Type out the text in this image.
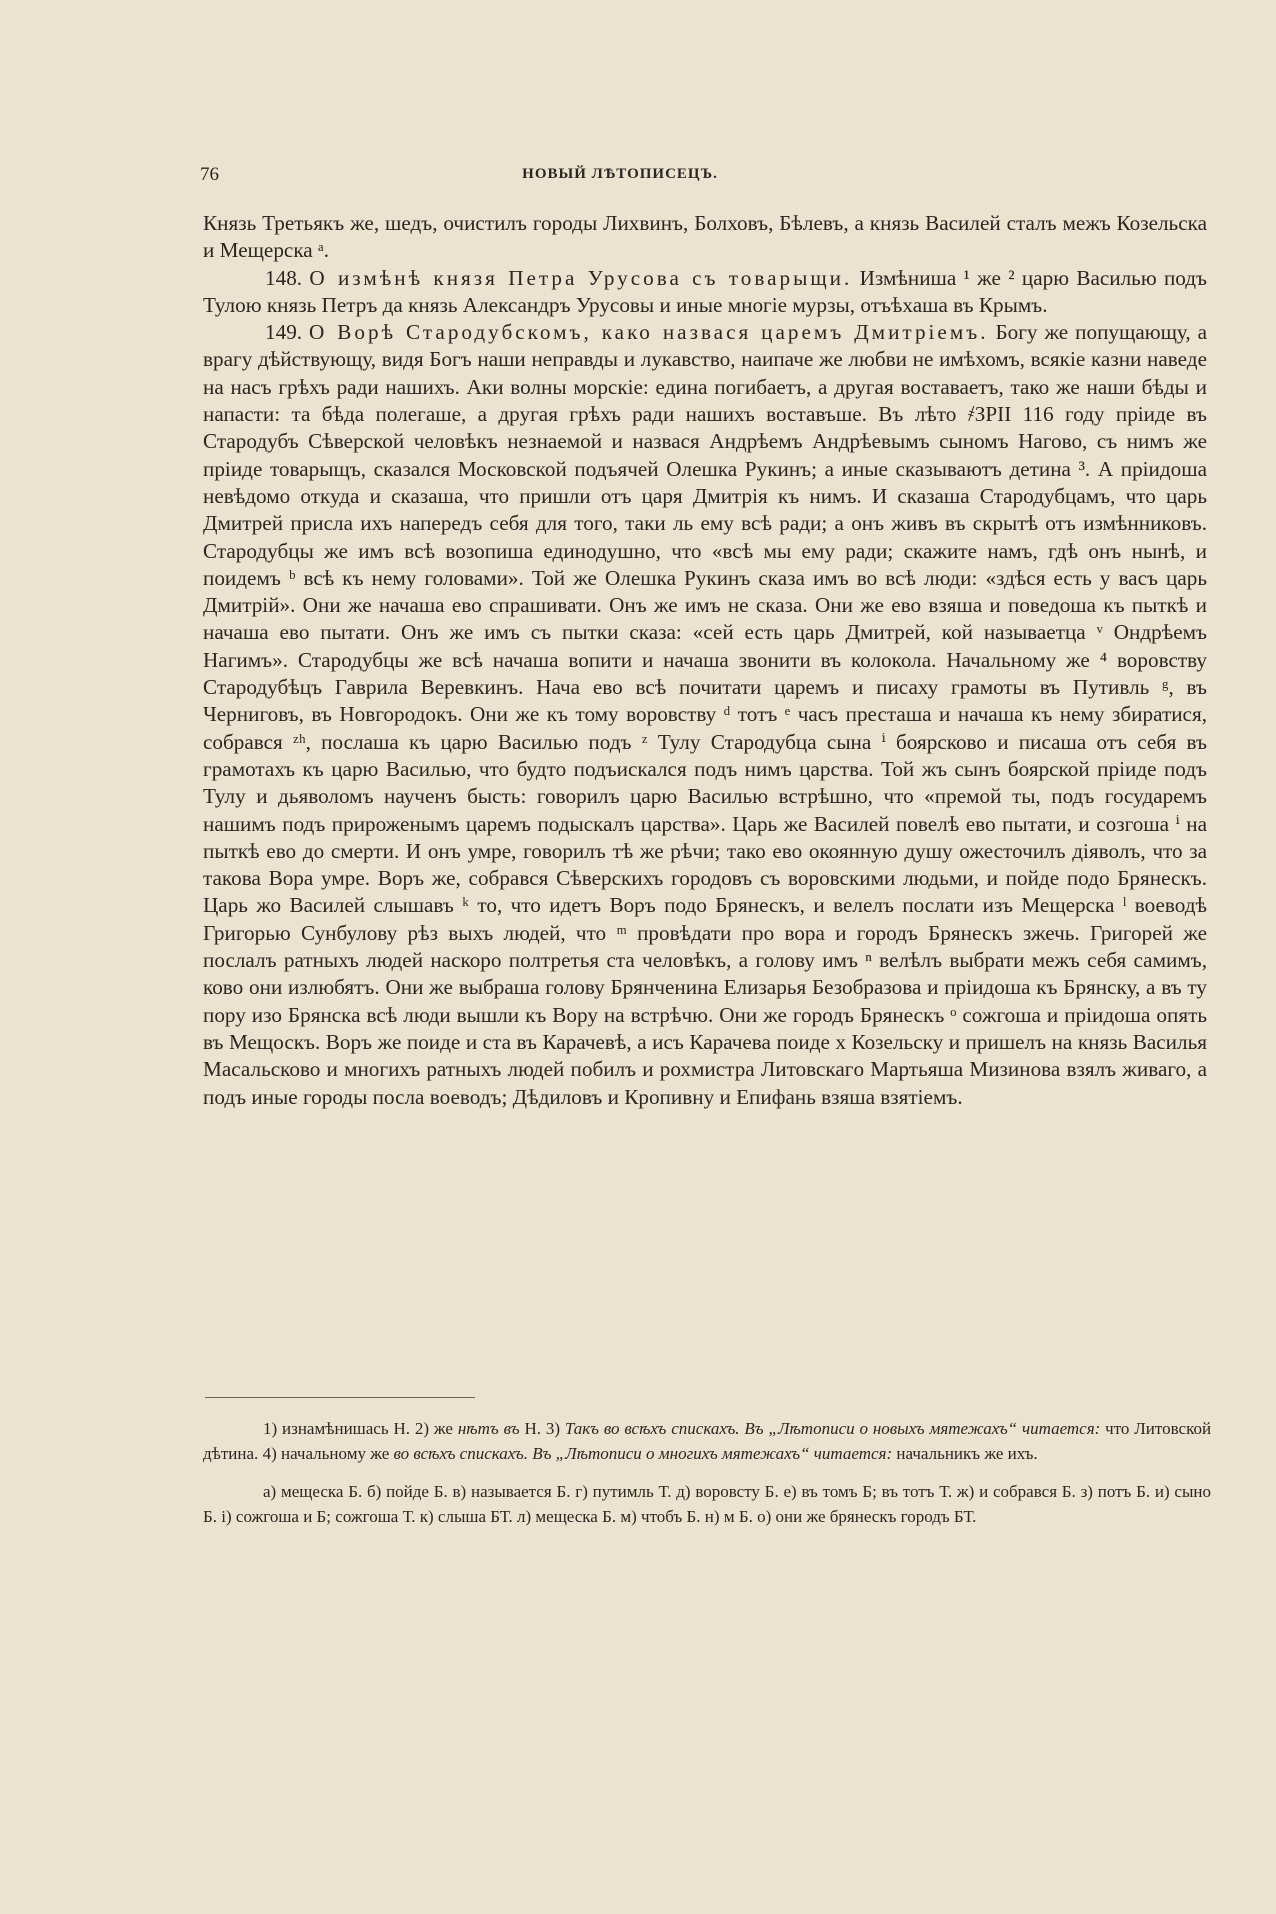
76	НОВЫЙ ЛѢТОПИСЕЦЪ.

Князь Третьякъ же, шедъ, очистилъ городы Лихвинъ, Болховъ, Бѣлевъ, а князь Василей сталъ межъ Козельска и Мещерска ᵃ.

148. О измѣнѣ князя Петра Урусова съ товарыщи. Измѣниша ¹ же ² царю Василью подъ Тулою князь Петръ да князь Александръ Урусовы и иные многіе мурзы, отъѣхаша въ Крымъ.

149. О Ворѣ Стародубскомъ, како назвася царемъ Дмитріемъ. Богу же попущающу, а врагу дѣйствующу, видя Богъ наши неправды и лукавство, наипаче же любви не имѣхомъ, всякіе казни наведе на насъ грѣхъ ради нашихъ. Аки волны морскіе: едина погибаетъ, а другая воставаетъ, тако же наши бѣды и напасти: та бѣда полегаше, а другая грѣхъ ради нашихъ воставъше. Въ лѣто ҂ЗРІІ 116 году пріиде въ Стародубъ Сѣверской человѣкъ незнаемой и назвася Андрѣемъ Андрѣевымъ сыномъ Нагово, съ нимъ же пріиде товарыщъ, сказался Московской подъячей Олешка Рукинъ; а иные сказываютъ детина ³. А пріидоша невѣдомо откуда и сказаша, что пришли отъ царя Дмитрія къ нимъ. И сказаша Стародубцамъ, что царь Дмитрей присла ихъ напередъ себя для того, таки ль ему всѣ ради; а онъ живъ въ скрытѣ отъ измѣнниковъ. Стародубцы же имъ всѣ возопиша единодушно, что «всѣ мы ему ради; скажите намъ, гдѣ онъ нынѣ, и поидемъ ᵇ всѣ къ нему головами». Той же Олешка Рукинъ сказа имъ во всѣ люди: «здѣся есть у васъ царь Дмитрій». Они же начаша ево спрашивати. Онъ же имъ не сказа. Они же ево взяша и поведоша къ пыткѣ и начаша ево пытати. Онъ же имъ съ пытки сказа: «сей есть царь Дмитрей, кой называетца ᵛ Ондрѣемъ Нагимъ». Стародубцы же всѣ начаша вопити и начаша звонити въ колокола. Начальному же ⁴ воровству Стародубѣцъ Гаврила Веревкинъ. Нача ево всѣ почитати царемъ и писаху грамоты въ Путивль ᵍ, въ Черниговъ, въ Новгородокъ. Они же къ тому воровству ᵈ тотъ ᵉ часъ престаша и начаша къ нему збиратися, собрався ᶻʰ, послаша къ царю Василью подъ ᶻ Тулу Стародубца сына ⁱ боярсково и писаша отъ себя въ грамотахъ къ царю Василью, что будто подъискался подъ нимъ царства. Той жъ сынъ боярской пріиде подъ Тулу и дьяволомъ наученъ бысть: говорилъ царю Василью встрѣшно, что «премой ты, подъ государемъ нашимъ подъ прироженымъ царемъ подыскалъ царства». Царь же Василей повелѣ ево пытати, и созгоша ⁱ на пыткѣ ево до смерти. И онъ умре, говорилъ тѣ же рѣчи; тако ево окоянную душу ожесточилъ діяволъ, что за такова Вора умре. Воръ же, собрався Сѣверскихъ городовъ съ воровскими людьми, и пойде подо Брянескъ. Царь жо Василей слышавъ ᵏ то, что идетъ Воръ подо Брянескъ, и велелъ послати изъ Мещерска ˡ воеводѣ Григорью Сунбулову рѣз выхъ людей, что ᵐ провѣдати про вора и городъ Брянескъ зжечь. Григорей же послалъ ратныхъ людей наскоро полтретья ста человѣкъ, а голову имъ ⁿ велѣлъ выбрати межъ себя самимъ, ково они излюбятъ. Они же выбраша голову Брянченина Елизарья Безобразова и пріидоша къ Брянску, а въ ту пору изо Брянска всѣ люди вышли къ Вору на встрѣчю. Они же городъ Брянескъ ᵒ сожгоша и пріидоша опять въ Мещоскъ. Воръ же поиде и ста въ Карачевѣ, а исъ Карачева поиде х Козельску и пришелъ на князь Василья Масальсково и многихъ ратныхъ людей побилъ и рохмистра Литовскагo Мартьяша Мизинова взялъ живаго, а подъ иные городы посла воеводъ; Дѣдиловъ и Кропивну и Епифань взяша взятіемъ.

1) изнамѣнишась Н. 2) же нѣтъ въ Н. 3) Такъ во всѣхъ спискахъ. Въ „Лѣтописи о новыхъ мятежахъ“ читается: что Литовской дѣтина. 4) начальному же во всѣхъ спискахъ. Въ „Лѣтописи о многихъ мятежахъ“ читается: начальникъ же ихъ.

а) мещеска Б. б) пойде Б. в) называется Б. г) путимль Т. д) воровсту Б. е) въ томъ Б; въ тотъ Т. ж) и собрався Б. з) потъ Б. и) сыно Б. і) сожгоша и Б; сожгоша Т. к) слыша БТ. л) мещеска Б. м) чтобъ Б. н) м Б. о) они же брянескъ городъ БТ.
